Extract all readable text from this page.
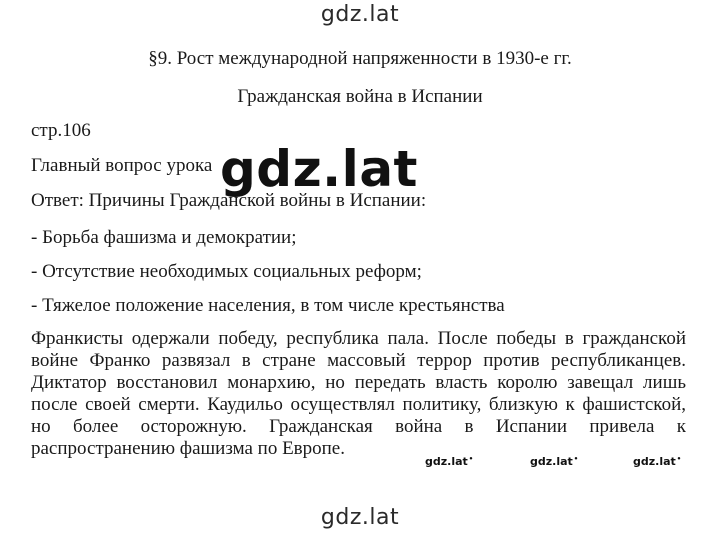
gdz.lat
§9. Рост международной напряженности в 1930-е гг.
Гражданская война в Испании
стр.106
Главный вопрос урока gdz.lat
Ответ: Причины Гражданской войны в Испании:
- Борьба фашизма и демократии;
- Отсутствие необходимых социальных реформ;
- Тяжелое положение населения, в том числе крестьянства
Франкисты одержали победу, республика пала. После победы в гражданской войне Франко развязал в стране массовый террор против республиканцев. Диктатор восстановил монархию, но передать власть королю завещал лишь после своей смерти. Каудильо осуществлял политику, близкую к фашистской, но более осторожную. Гражданская война в Испании привела к распространению фашизма по Европе.
gdz.lat •	gdz.lat •	gdz.lat •
gdz.lat
